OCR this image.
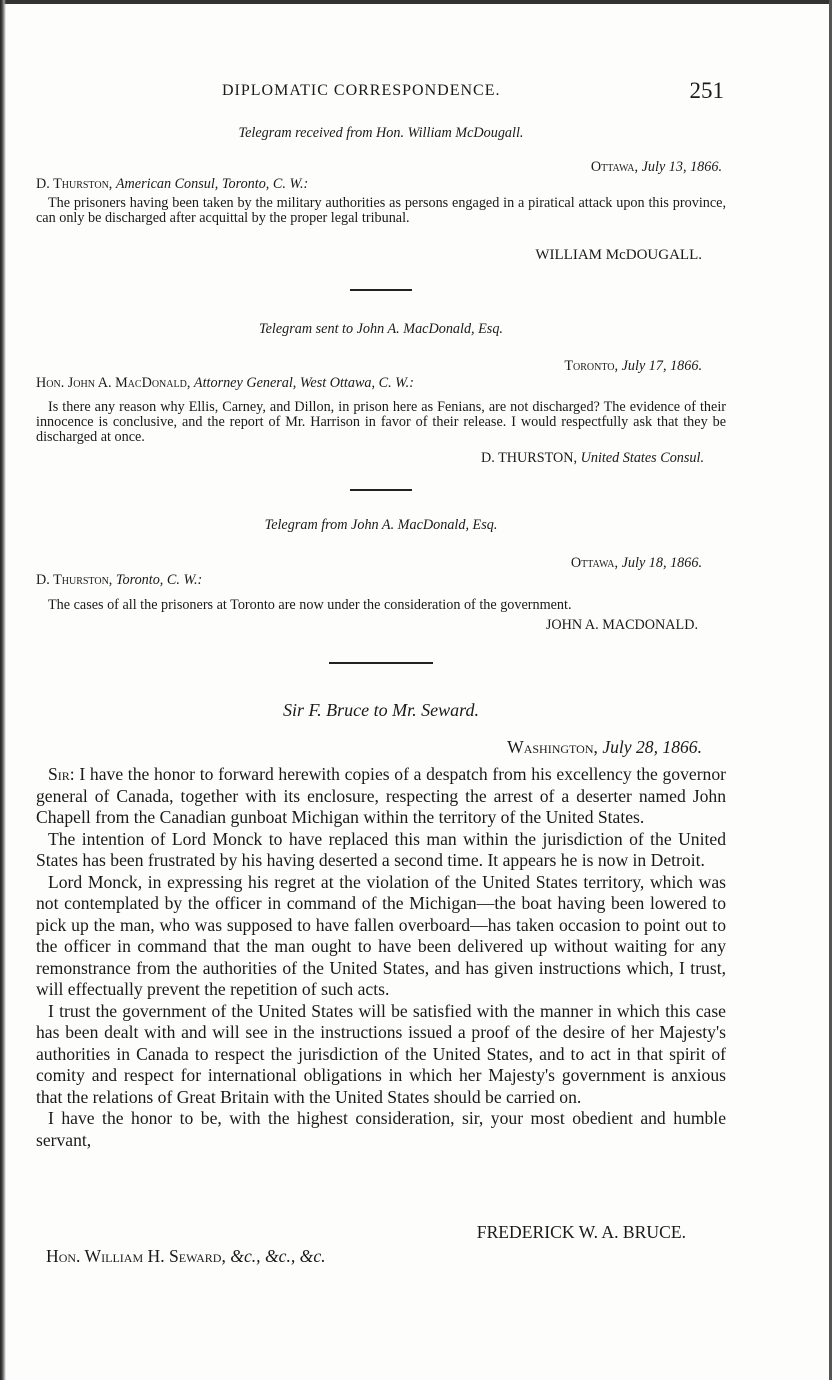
DIPLOMATIC CORRESPONDENCE.	251
Telegram received from Hon. William McDougall.
Ottawa, July 13, 1866.
D. Thurston, American Consul, Toronto, C. W.:

The prisoners having been taken by the military authorities as persons engaged in a piratical attack upon this province, can only be discharged after acquittal by the proper legal tribunal.

WILLIAM McDOUGALL.
Telegram sent to John A. MacDonald, Esq.
Toronto, July 17, 1866.
Hon. John A. MacDonald, Attorney General, West Ottawa, C. W.:

Is there any reason why Ellis, Carney, and Dillon, in prison here as Fenians, are not discharged? The evidence of their innocence is conclusive, and the report of Mr. Harrison in favor of their release. I would respectfully ask that they be discharged at once.

D. THURSTON, United States Consul.
Telegram from John A. MacDonald, Esq.
Ottawa, July 18, 1866.
D. Thurston, Toronto, C. W.:

The cases of all the prisoners at Toronto are now under the consideration of the government.

JOHN A. MACDONALD.
Sir F. Bruce to Mr. Seward.
Washington, July 28, 1866.

Sir: I have the honor to forward herewith copies of a despatch from his excellency the governor general of Canada, together with its enclosure, respecting the arrest of a deserter named John Chapell from the Canadian gunboat Michigan within the territory of the United States.

The intention of Lord Monck to have replaced this man within the jurisdiction of the United States has been frustrated by his having deserted a second time. It appears he is now in Detroit.

Lord Monck, in expressing his regret at the violation of the United States territory, which was not contemplated by the officer in command of the Michigan—the boat having been lowered to pick up the man, who was supposed to have fallen overboard—has taken occasion to point out to the officer in command that the man ought to have been delivered up without waiting for any remonstrance from the authorities of the United States, and has given instructions which, I trust, will effectually prevent the repetition of such acts.

I trust the government of the United States will be satisfied with the manner in which this case has been dealt with and will see in the instructions issued a proof of the desire of her Majesty's authorities in Canada to respect the jurisdiction of the United States, and to act in that spirit of comity and respect for international obligations in which her Majesty's government is anxious that the relations of Great Britain with the United States should be carried on.

I have the honor to be, with the highest consideration, sir, your most obedient and humble servant,

FREDERICK W. A. BRUCE.
Hon. William H. Seward, &c., &c., &c.
